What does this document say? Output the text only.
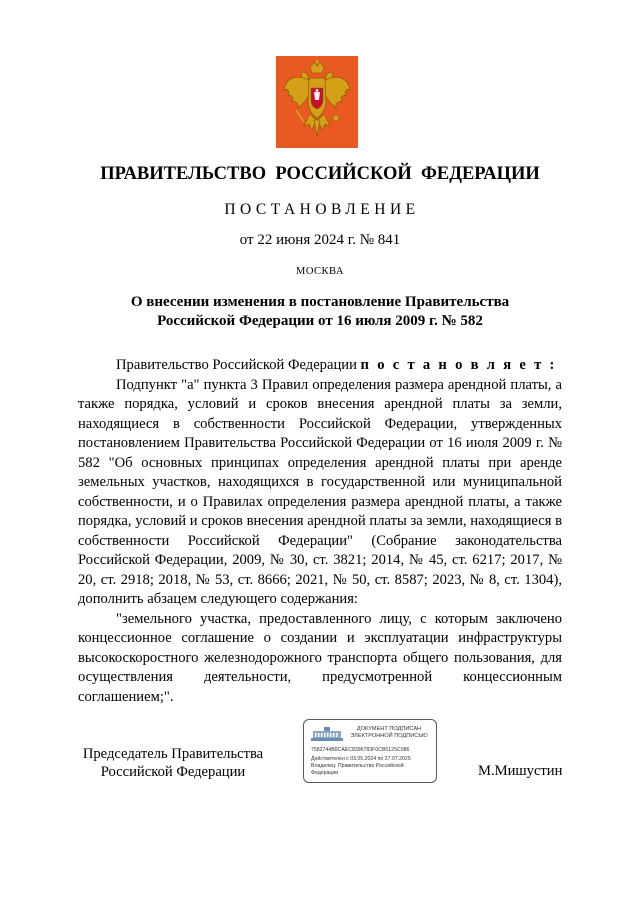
ПРАВИТЕЛЬСТВО  РОССИЙСКОЙ  ФЕДЕРАЦИИ
ПОСТАНОВЛЕНИЕ
от 22 июня 2024 г. № 841
МОСКВА
О внесении изменения в постановление Правительства
Российской Федерации от 16 июля 2009 г. № 582

Правительство Российской Федерации п о с т а н о в л я е т :

Подпункт "а" пункта 3 Правил определения размера арендной платы, а также порядка, условий и сроков внесения арендной платы за земли, находящиеся в собственности Российской Федерации, утвержденных постановлением Правительства Российской Федерации от 16 июля 2009 г. № 582 "Об основных принципах определения арендной платы при аренде земельных участков, находящихся в государственной или муниципальной собственности, и о Правилах определения размера арендной платы, а также порядка, условий и сроков внесения арендной платы за земли, находящиеся в собственности Российской Федерации" (Собрание законодательства Российской Федерации, 2009, № 30, ст. 3821; 2014, № 45, ст. 6217; 2017, № 20, ст. 2918; 2018, № 53, ст. 8666; 2021, № 50, ст. 8587; 2023, № 8, ст. 1304), дополнить абзацем следующего содержания:

"земельного участка, предоставленного лицу, с которым заключено концессионное соглашение о создании и эксплуатации инфраструктуры высокоскоростного железнодорожного транспорта общего пользования, для осуществления деятельности, предусмотренной концессионным соглашением;".

Председатель Правительства
Российской Федерации
ДОКУМЕНТ ПОДПИСАН
ЭЛЕКТРОННОЙ ПОДПИСЬЮ
7582744B0CAEC8396783F0CB5125C086
Действителен с 03.05.2024 по 27.07.2025
Владелец: Правительство Российской
Федерации	М.Мишустин
